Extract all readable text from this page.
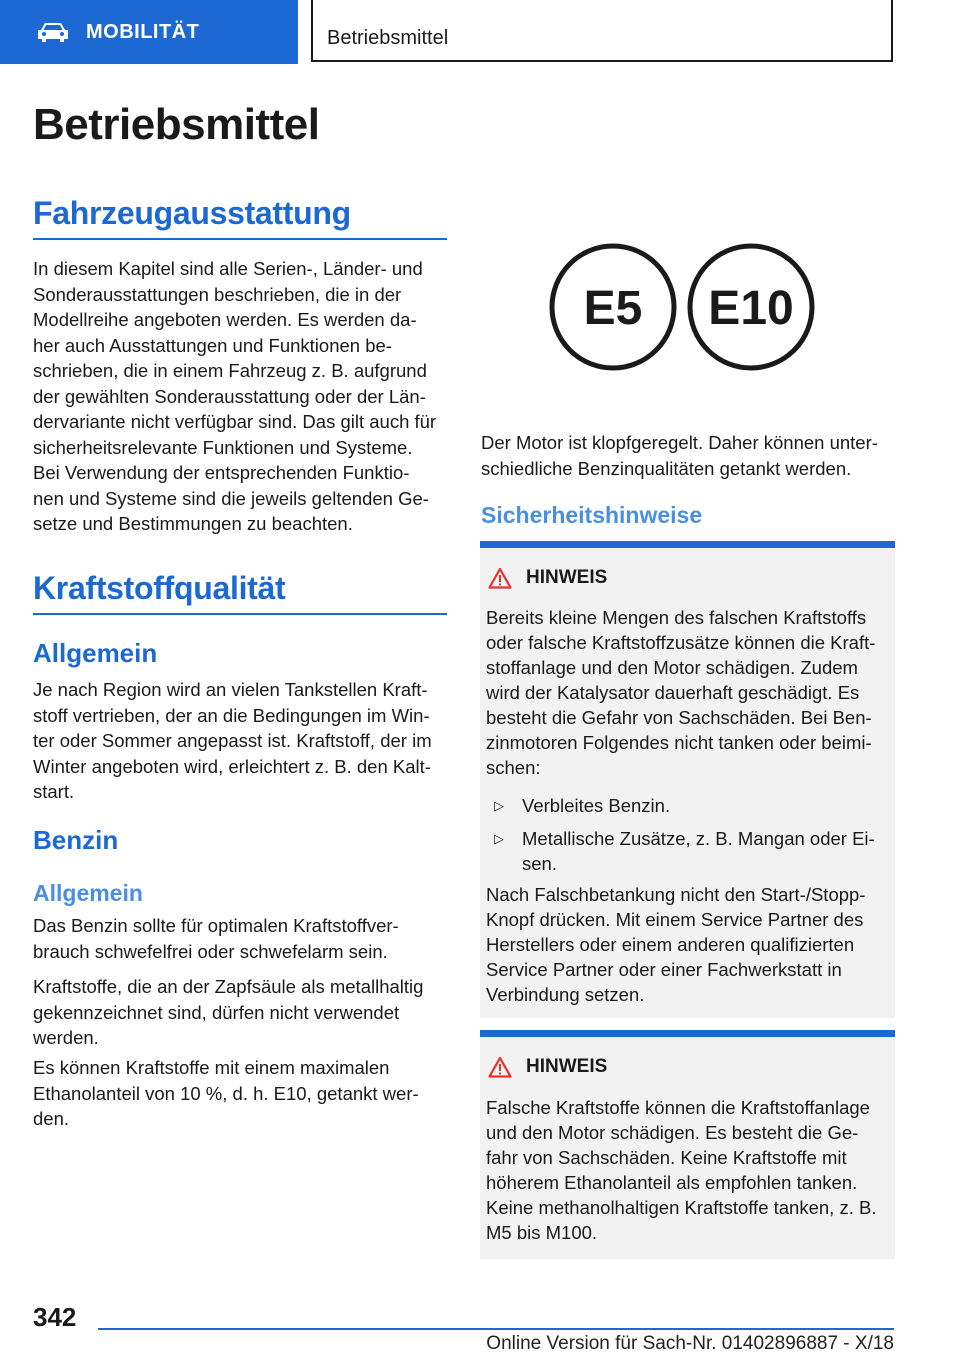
MOBILITÄT	Betriebsmittel
Betriebsmittel
Fahrzeugausstattung
In diesem Kapitel sind alle Serien-, Länder- und
Sonderausstattungen beschrieben, die in der
Modellreihe angeboten werden. Es werden da-
her auch Ausstattungen und Funktionen be-
schrieben, die in einem Fahrzeug z. B. aufgrund
der gewählten Sonderausstattung oder der Län-
dervariante nicht verfügbar sind. Das gilt auch für
sicherheitsrelevante Funktionen und Systeme.
Bei Verwendung der entsprechenden Funktio-
nen und Systeme sind die jeweils geltenden Ge-
setze und Bestimmungen zu beachten.
Kraftstoffqualität
Allgemein
Je nach Region wird an vielen Tankstellen Kraft-
stoff vertrieben, der an die Bedingungen im Win-
ter oder Sommer angepasst ist. Kraftstoff, der im
Winter angeboten wird, erleichtert z. B. den Kalt-
start.
Benzin
Allgemein
Das Benzin sollte für optimalen Kraftstoffver-
brauch schwefelfrei oder schwefelarm sein.
Kraftstoffe, die an der Zapfsäule als metallhaltig
gekennzeichnet sind, dürfen nicht verwendet
werden.
Es können Kraftstoffe mit einem maximalen
Ethanolanteil von 10 %, d. h. E10, getankt wer-
den.
E5 E10
Der Motor ist klopfgeregelt. Daher können unter-
schiedliche Benzinqualitäten getankt werden.
Sicherheitshinweise
HINWEIS
Bereits kleine Mengen des falschen Kraftstoffs
oder falsche Kraftstoffzusätze können die Kraft-
stoffanlage und den Motor schädigen. Zudem
wird der Katalysator dauerhaft geschädigt. Es
besteht die Gefahr von Sachschäden. Bei Ben-
zinmotoren Folgendes nicht tanken oder beimi-
schen:
▷ Verbleites Benzin.
▷ Metallische Zusätze, z. B. Mangan oder Ei-
sen.
Nach Falschbetankung nicht den Start-/Stopp-
Knopf drücken. Mit einem Service Partner des
Herstellers oder einem anderen qualifizierten
Service Partner oder einer Fachwerkstatt in
Verbindung setzen.
HINWEIS
Falsche Kraftstoffe können die Kraftstoffanlage
und den Motor schädigen. Es besteht die Ge-
fahr von Sachschäden. Keine Kraftstoffe mit
höherem Ethanolanteil als empfohlen tanken.
Keine methanolhaltigen Kraftstoffe tanken, z. B.
M5 bis M100.
342
Online Version für Sach-Nr. 01402896887 - X/18
